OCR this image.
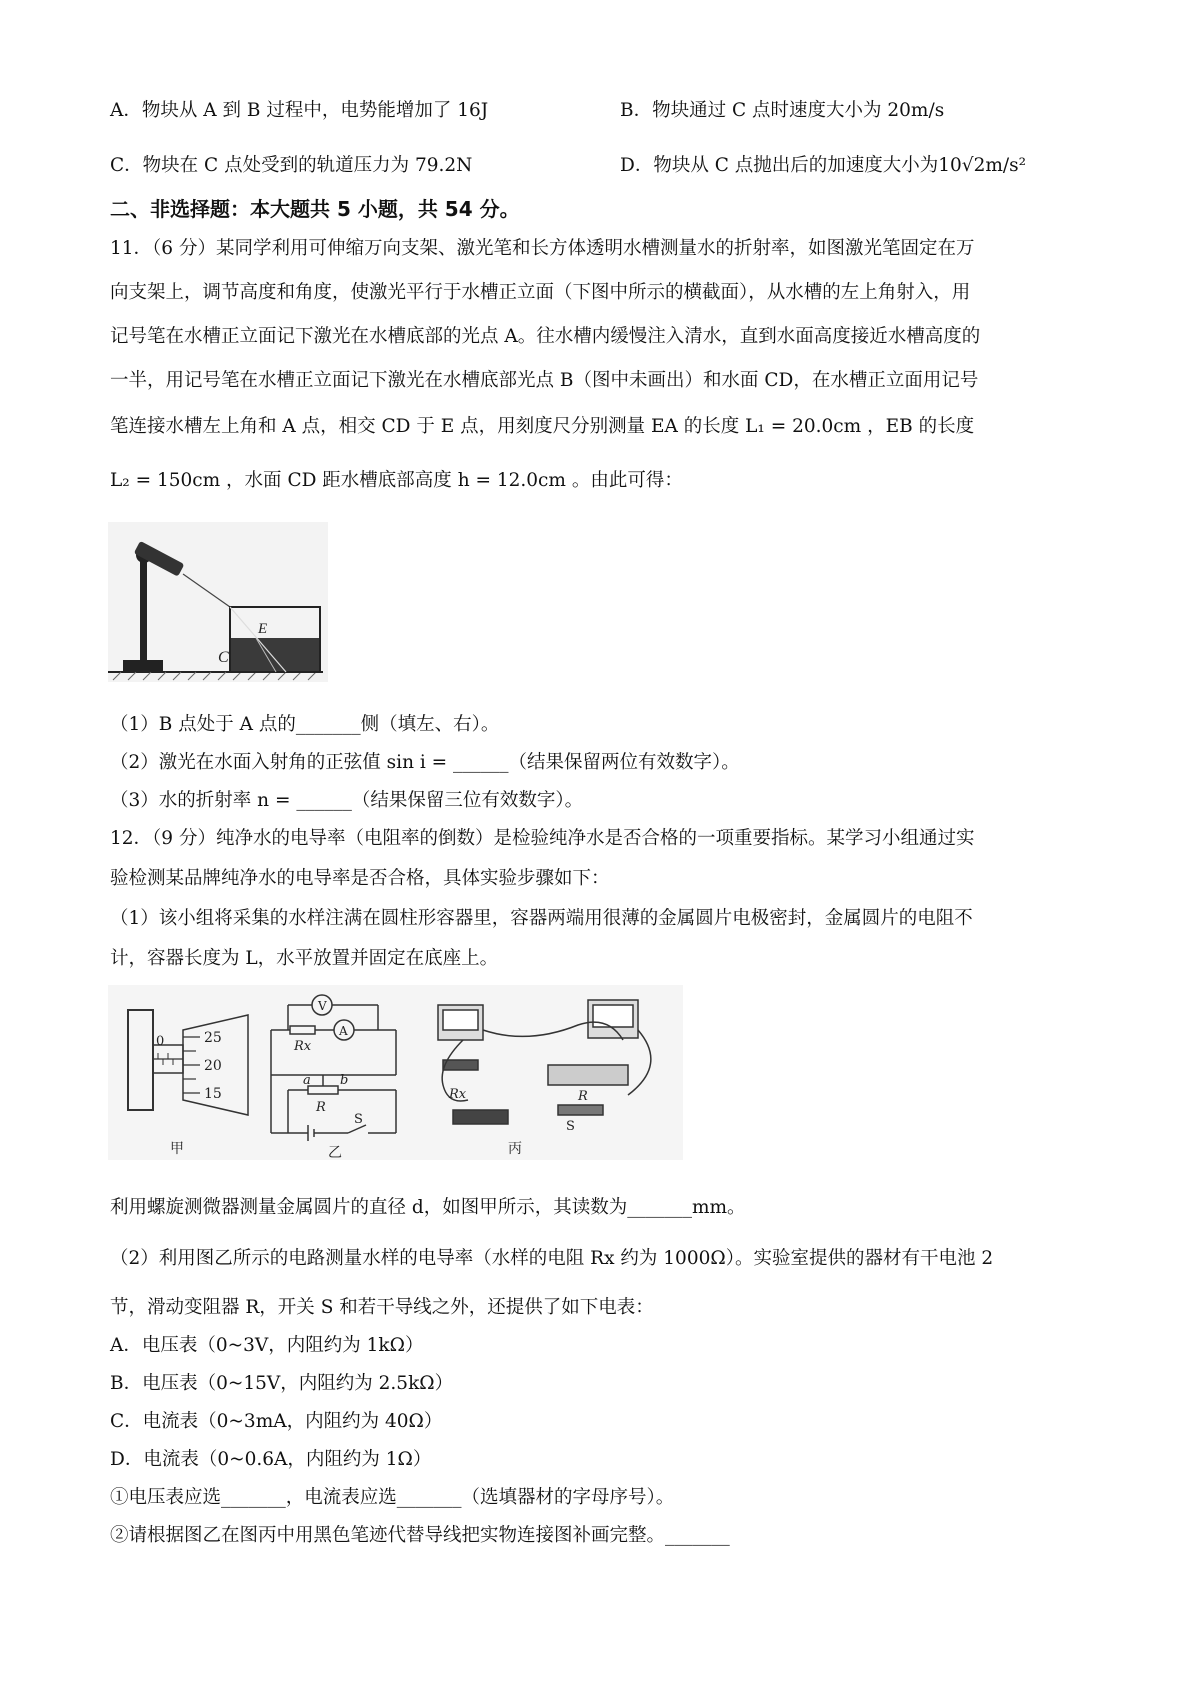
A．物块从 A 到 B 过程中，电势能增加了 16J	B．物块通过 C 点时速度大小为 20m/s
C．物块在 C 点处受到的轨道压力为 79.2N	D．物块从 C 点抛出后的加速度大小为10√2m/s²
二、非选择题：本大题共 5 小题，共 54 分。
11．（6 分）某同学利用可伸缩万向支架、激光笔和长方体透明水槽测量水的折射率，如图激光笔固定在万
向支架上，调节高度和角度，使激光平行于水槽正立面（下图中所示的横截面），从水槽的左上角射入，用
记号笔在水槽正立面记下激光在水槽底部的光点 A。往水槽内缓慢注入清水，直到水面高度接近水槽高度的
一半，用记号笔在水槽正立面记下激光在水槽底部光点 B（图中未画出）和水面 CD，在水槽正立面用记号
笔连接水槽左上角和 A 点，相交 CD 于 E 点，用刻度尺分别测量 EA 的长度 L₁ = 20.0cm ，EB 的长度
L₂ = 150cm ，水面 CD 距水槽底部高度 h = 12.0cm 。由此可得：
C
E
（1）B 点处于 A 点的_______侧（填左、右）。
（2）激光在水面入射角的正弦值 sin i = ______（结果保留两位有效数字）。
（3）水的折射率 n = ______（结果保留三位有效数字）。
12．（9 分）纯净水的电导率（电阻率的倒数）是检验纯净水是否合格的一项重要指标。某学习小组通过实
验检测某品牌纯净水的电导率是否合格，具体实验步骤如下：
（1）该小组将采集的水样注满在圆柱形容器里，容器两端用很薄的金属圆片电极密封，金属圆片的电阻不
计，容器长度为 L，水平放置并固定在底座上。
25
20
15
0
甲
V
A
Rx
a b
R
S
乙
Rx	R
S
丙
利用螺旋测微器测量金属圆片的直径 d，如图甲所示，其读数为_______mm。
（2）利用图乙所示的电路测量水样的电导率（水样的电阻 Rx 约为 1000Ω）。实验室提供的器材有干电池 2
节，滑动变阻器 R，开关 S 和若干导线之外，还提供了如下电表：
A．电压表（0~3V，内阻约为 1kΩ）
B．电压表（0~15V，内阻约为 2.5kΩ）
C．电流表（0~3mA，内阻约为 40Ω）
D．电流表（0~0.6A，内阻约为 1Ω）
①电压表应选_______，电流表应选_______（选填器材的字母序号）。
②请根据图乙在图丙中用黑色笔迹代替导线把实物连接图补画完整。_______
